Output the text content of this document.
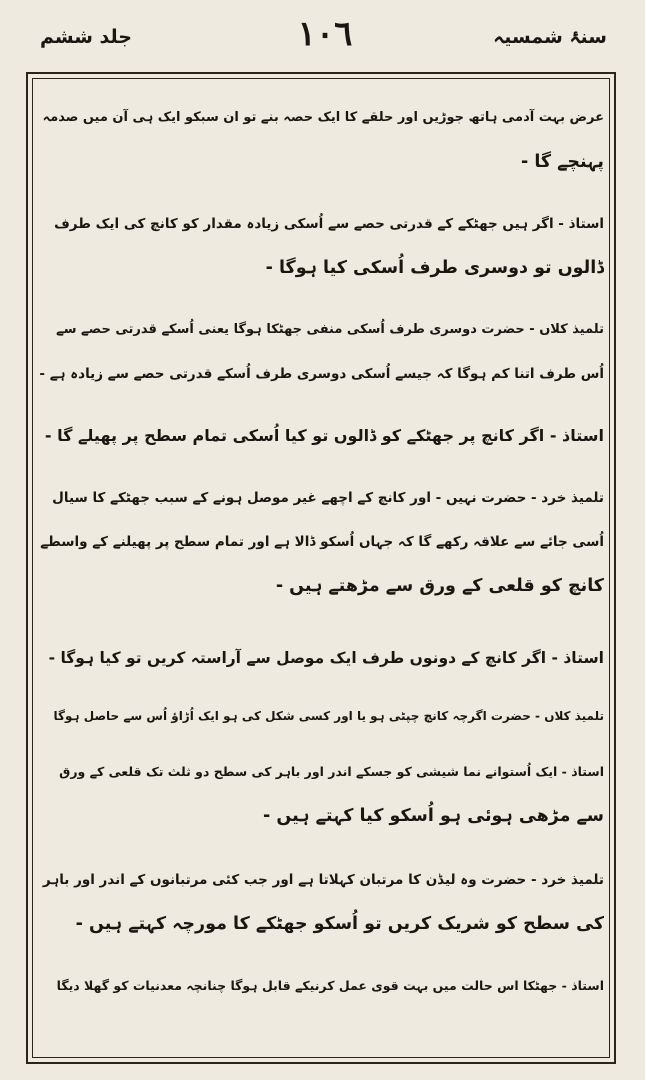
سنۂ شمسیہ
١٠٦
جلد ششم
عرض بہت آدمی ہاتھ جوڑیں اور حلقے کا ایک حصہ بنے تو ان سبکو ایک ہی آن میں صدمہ
پہنچے گا -
استاذ - اگر ہیں جھٹکے کے قدرتی حصے سے اُسکی زیادہ مقدار کو کانچ کی ایک طرف
ڈالوں تو دوسری طرف اُسکی کیا ہوگا -
تلمیذ کلاں - حضرت دوسری طرف اُسکی منفی جھٹکا ہوگا یعنی اُسکے قدرتی حصے سے
اُس طرف اتنا کم ہوگا کہ جیسے اُسکی دوسری طرف اُسکے قدرتی حصے سے زیادہ ہے -
استاذ - اگر کانچ پر جھٹکے کو ڈالوں تو کیا اُسکی تمام سطح پر پھیلے گا -
تلمیذ خرد - حضرت نہیں - اور کانچ کے اچھے غیر موصل ہونے کے سبب جھٹکے کا سیال
اُسی جائے سے علاقہ رکھے گا کہ جہاں اُسکو ڈالا ہے اور تمام سطح پر پھیلنے کے واسطے
کانچ کو قلعی کے ورق سے مڑھتے ہیں -
استاذ - اگر کانچ کے دونوں طرف ایک موصل سے آراستہ کریں تو کیا ہوگا -
تلمیذ کلاں - حضرت اگرچہ کانچ چپٹی ہو یا اور کسی شکل کی ہو ایک اُڑاؤ اُس سے حاصل ہوگا
استاذ - ایک اُستوانے نما شیشی کو جسکے اندر اور باہر کی سطح دو ثلث تک قلعی کے ورق
سے مڑھی ہوئی ہو اُسکو کیا کہتے ہیں -
تلمیذ خرد - حضرت وہ لیڈن کا مرتبان کہلاتا ہے اور جب کئی مرتبانوں کے اندر اور باہر
کی سطح کو شریک کریں تو اُسکو جھٹکے کا مورچہ کہتے ہیں -
استاذ - جھٹکا اس حالت میں بہت قوی عمل کرنیکے قابل ہوگا چنانچہ معدنیات کو گھلا دیگا
